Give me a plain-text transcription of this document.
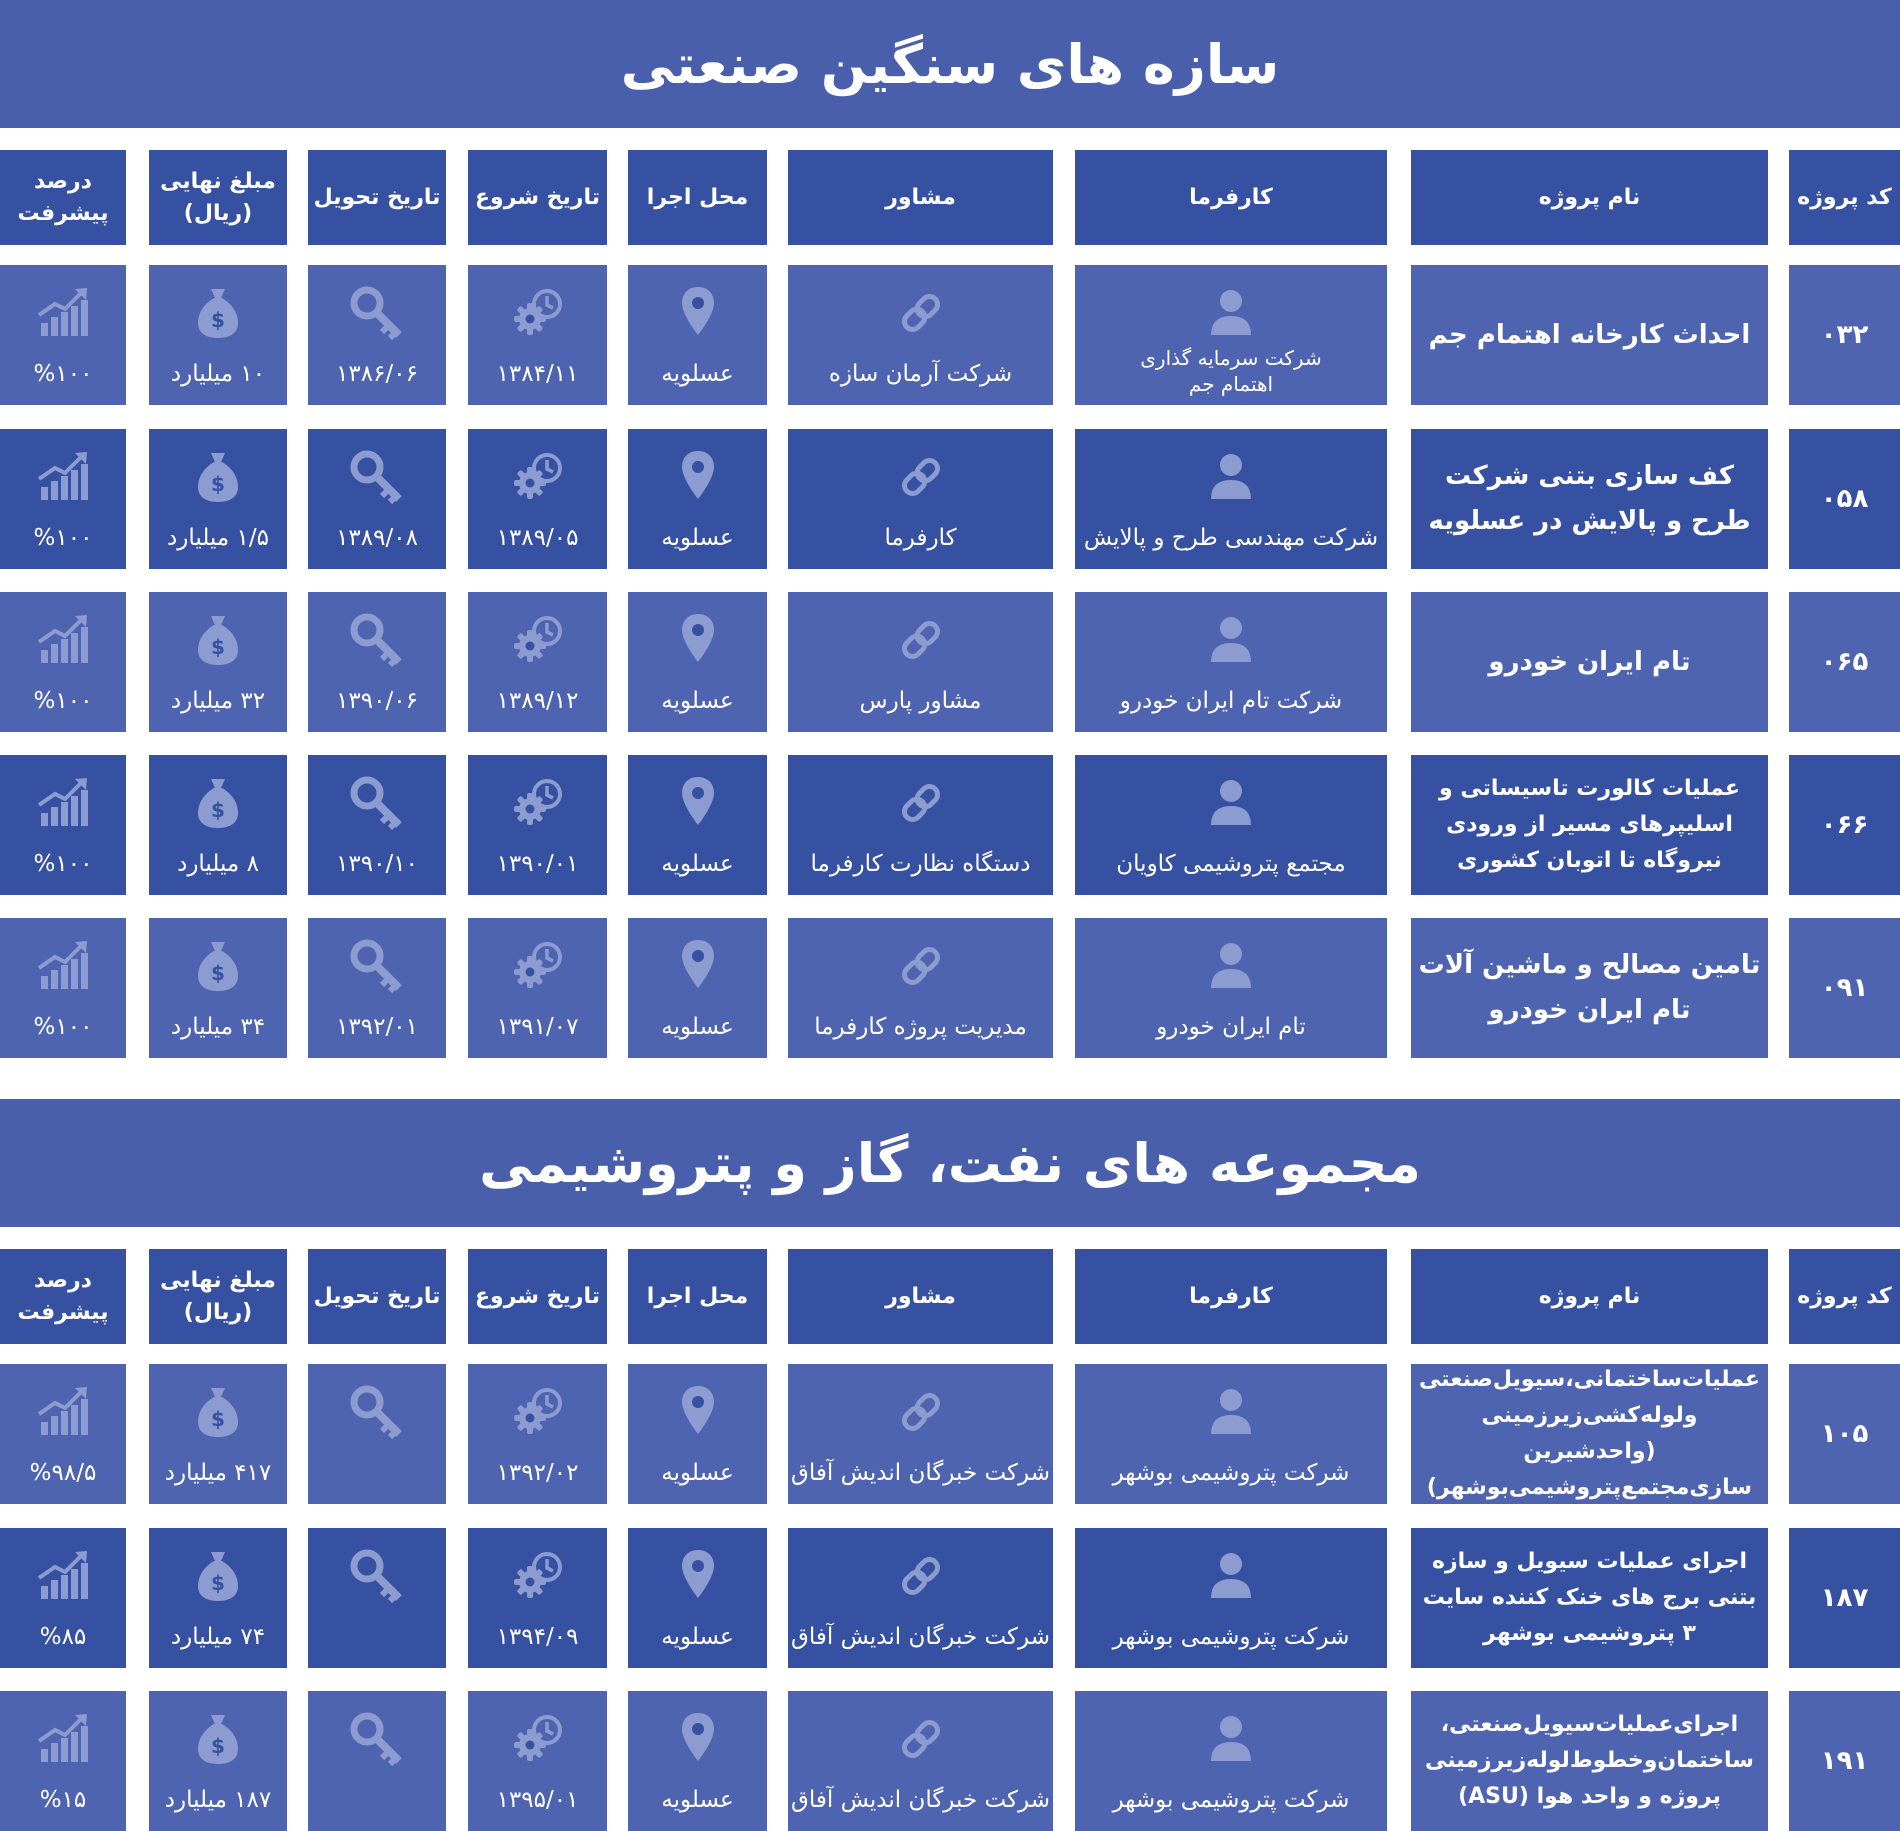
سازه های سنگین صنعتی
کد پروژه
نام پروژه
کارفرما
مشاور
محل اجرا
تاریخ شروع
تاریخ تحویل
مبلغ نهایی (ریال)
درصد پیشرفت
۰۳۲
احداث کارخانه اهتمام جم
شرکت سرمایه گذاری اهتمام جم
شرکت آرمان سازه
عسلویه
۱۳۸۴/۱۱
۱۳۸۶/۰۶
$
۱۰ میلیارد
%۱۰۰
۰۵۸
کف سازی بتنی شرکت طرح و پالایش در عسلویه
شرکت مهندسی طرح و پالایش
کارفرما
عسلویه
۱۳۸۹/۰۵
۱۳۸۹/۰۸
$
۱/۵ میلیارد
%۱۰۰
۰۶۵
تام ایران خودرو
شرکت تام ایران خودرو
مشاور پارس
عسلویه
۱۳۸۹/۱۲
۱۳۹۰/۰۶
$
۳۲ میلیارد
%۱۰۰
۰۶۶
عملیات کالورت تاسیساتی و اسلیپرهای مسیر از ورودی نیروگاه تا اتوبان کشوری
مجتمع پتروشیمی کاویان
دستگاه نظارت کارفرما
عسلویه
۱۳۹۰/۰۱
۱۳۹۰/۱۰
$
۸ میلیارد
%۱۰۰
۰۹۱
تامین مصالح و ماشین آلات تام ایران خودرو
تام ایران خودرو
مدیریت پروژه کارفرما
عسلویه
۱۳۹۱/۰۷
۱۳۹۲/۰۱
$
۳۴ میلیارد
%۱۰۰
مجموعه های نفت، گاز و پتروشیمی
کد پروژه
نام پروژه
کارفرما
مشاور
محل اجرا
تاریخ شروع
تاریخ تحویل
مبلغ نهایی (ریال)
درصد پیشرفت
۱۰۵
عملیات‌ساختمانی،سیویل‌صنعتی ولوله‌کشی‌زیرزمینی (واحد‌شیرین سازی‌مجتمع‌پتروشیمی‌بوشهر)
شرکت پتروشیمی بوشهر
شرکت خبرگان اندیش آفاق
عسلویه
۱۳۹۲/۰۲
$
۴۱۷ میلیارد
%۹۸/۵
۱۸۷
اجرای عملیات سیویل و سازه بتنی برج های خنک کننده سایت ۳ پتروشیمی بوشهر
شرکت پتروشیمی بوشهر
شرکت خبرگان اندیش آفاق
عسلویه
۱۳۹۴/۰۹
$
۷۴ میلیارد
%۸۵
۱۹۱
اجرای‌عملیات‌سیویل‌صنعتی، ساختمان‌وخطوط‌لوله‌زیرزمینی پروژه و واحد هوا (ASU)
شرکت پتروشیمی بوشهر
شرکت خبرگان اندیش آفاق
عسلویه
۱۳۹۵/۰۱
$
۱۸۷ میلیارد
%۱۵
